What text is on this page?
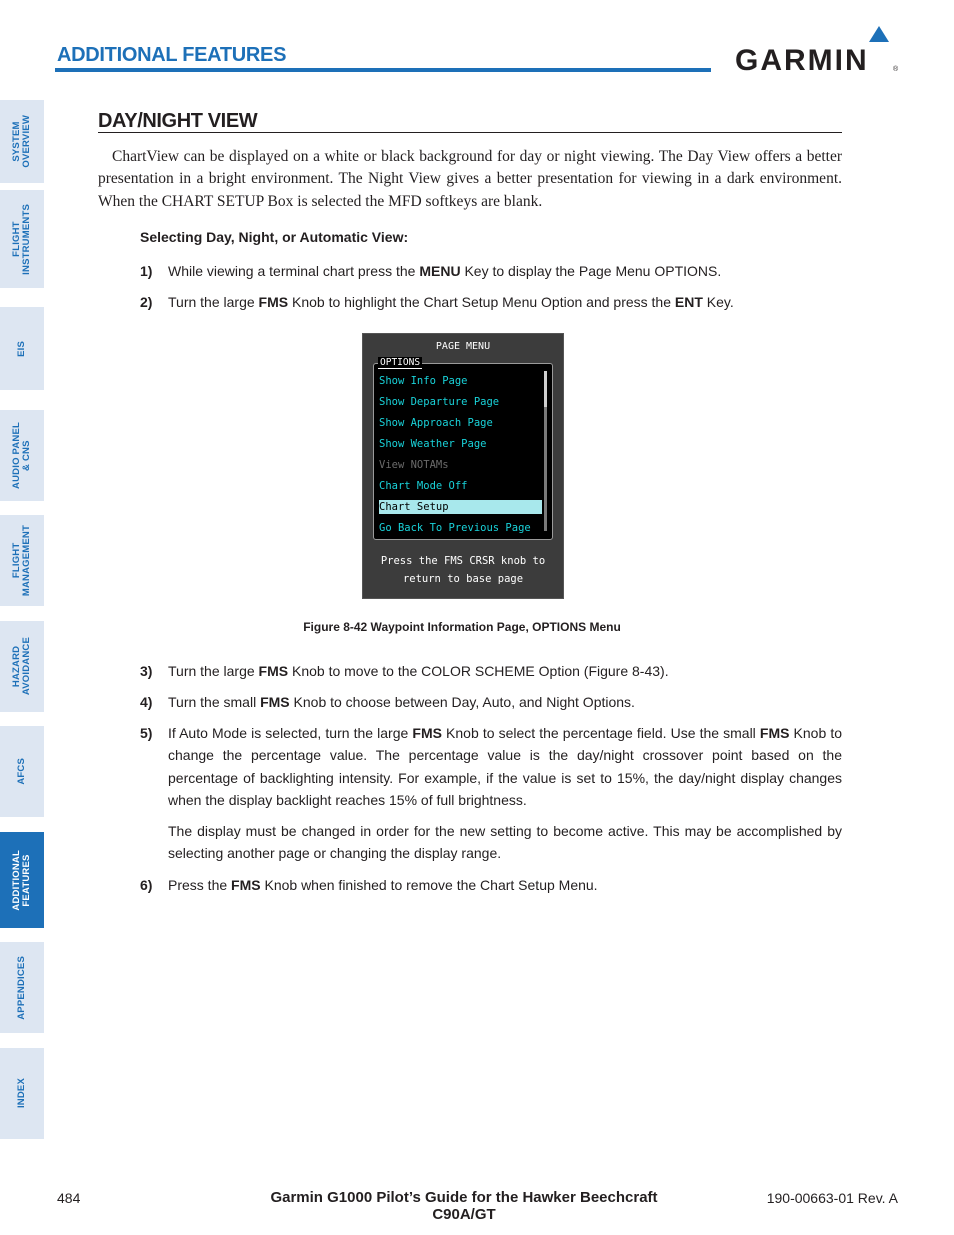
SYSTEM
OVERVIEW
FLIGHT
INSTRUMENTS
EIS
AUDIO PANEL
& CNS
FLIGHT
MANAGEMENT
HAZARD
AVOIDANCE
AFCS
ADDITIONAL
FEATURES
APPENDICES
INDEX
ADDITIONAL FEATURES	GARMIN	®
DAY/NIGHT VIEW
ChartView can be displayed on a white or black background for day or night viewing. The Day View offers a better presentation in a bright environment. The Night View gives a better presentation for viewing in a dark environment. When the CHART SETUP Box is selected the MFD softkeys are blank.
Selecting Day, Night, or Automatic View:
1) While viewing a terminal chart press the MENU Key to display the Page Menu OPTIONS.
2) Turn the large FMS Knob to highlight the Chart Setup Menu Option and press the ENT Key.
PAGE MENU
OPTIONS
Show Info Page
Show Departure Page
Show Approach Page
Show Weather Page
View NOTAMs
Chart Mode Off
Chart Setup
Go Back To Previous Page
Press the FMS CRSR knob to
return to base page
Figure 8-42 Waypoint Information Page, OPTIONS Menu
3) Turn the large FMS Knob to move to the COLOR SCHEME Option (Figure 8-43).
4) Turn the small FMS Knob to choose between Day, Auto, and Night Options.
5) If Auto Mode is selected, turn the large FMS Knob to select the percentage field. Use the small FMS Knob to change the percentage value. The percentage value is the day/night crossover point based on the percentage of backlighting intensity. For example, if the value is set to 15%, the day/night display changes when the display backlight reaches 15% of full brightness.
The display must be changed in order for the new setting to become active. This may be accomplished by selecting another page or changing the display range.
6) Press the FMS Knob when finished to remove the Chart Setup Menu.
484	Garmin G1000 Pilot’s Guide for the Hawker Beechcraft C90A/GT
190-00663-01 Rev. A
